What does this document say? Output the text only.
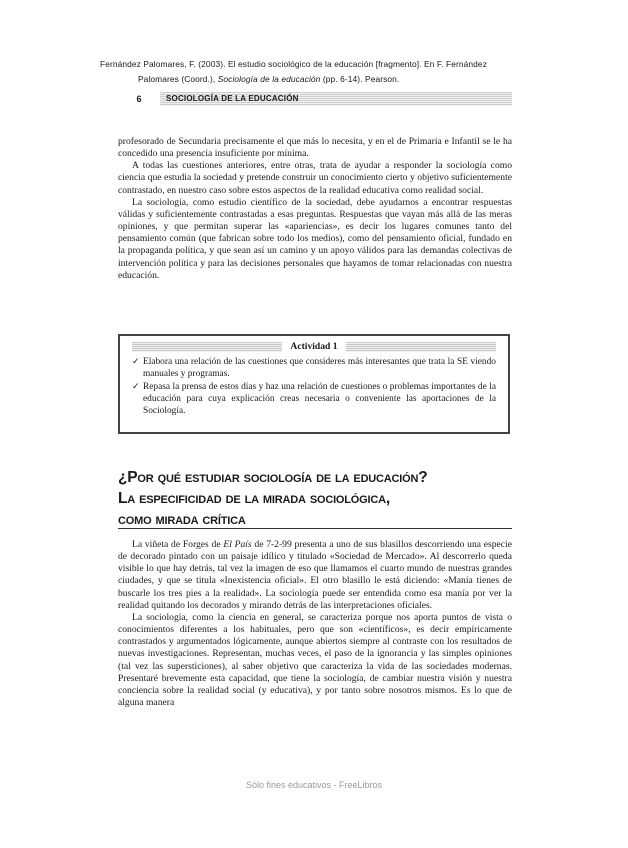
Fernández Palomares, F. (2003). El estudio sociológico de la educación [fragmento]. En F. Fernández
Palomares (Coord.), Sociología de la educación (pp. 6-14). Pearson.
6	SOCIOLOGÍA DE LA EDUCACIÓN

profesorado de Secundaria precisamente el que más lo necesita, y en el de Primaria e Infantil se le ha concedido una presencia insuficiente por mínima.

A todas las cuestiones anteriores, entre otras, trata de ayudar a responder la sociología como ciencia que estudia la sociedad y pretende construir un conocimiento cierto y objetivo suficientemente contrastado, en nuestro caso sobre estos aspectos de la realidad educativa como realidad social.

La sociología, como estudio científico de la sociedad, debe ayudarnos a encontrar respuestas válidas y suficientemente contrastadas a esas preguntas. Respuestas que vayan más allá de las meras opiniones, y que permitan superar las «apariencias», es decir los lugares comunes tanto del pensamiento común (que fabrican sobre todo los medios), como del pensamiento oficial, fundado en la propaganda política, y que sean así un camino y un apoyo válidos para las demandas colectivas de intervención política y para las decisiones personales que hayamos de tomar relacionadas con nuestra educación.

Actividad 1
✓ Elabora una relación de las cuestiones que consideres más interesantes que trata la SE viendo manuales y programas.
✓ Repasa la prensa de estos días y haz una relación de cuestiones o problemas importantes de la educación para cuya explicación creas necesaria o conveniente las aportaciones de la Sociología.
¿Por qué estudiar sociología de la educación?
La especificidad de la mirada sociológica,
como mirada crítica

La viñeta de Forges de El País de 7-2-99 presenta a uno de sus blasillos descorriendo una especie de decorado pintado con un paisaje idílico y titulado «Sociedad de Mercado». Al descorrerlo queda visible lo que hay detrás, tal vez la imagen de eso que llamamos el cuarto mundo de nuestras grandes ciudades, y que se titula «Inexistencia oficial». El otro blasillo le está diciendo: «Manía tienes de buscarle los tres pies a la realidad». La sociología puede ser entendida como esa manía por ver la realidad quitando los decorados y mirando detrás de las interpretaciones oficiales.

La sociología, como la ciencia en general, se caracteriza porque nos aporta puntos de vista o conocimientos diferentes a los habituales, pero que son «científicos», es decir empíricamente contrastados y argumentados lógicamente, aunque abiertos siempre al contraste con los resultados de nuevas investigaciones. Representan, muchas veces, el paso de la ignorancia y las simples opiniones (tal vez las supersticiones), al saber objetivo que caracteriza la vida de las sociedades modernas. Presentaré brevemente esta capacidad, que tiene la sociología, de cambiar nuestra visión y nuestra conciencia sobre la realidad social (y educativa), y por tanto sobre nosotros mismos. Es lo que de alguna manera

Sólo fines educativos - FreeLibros
